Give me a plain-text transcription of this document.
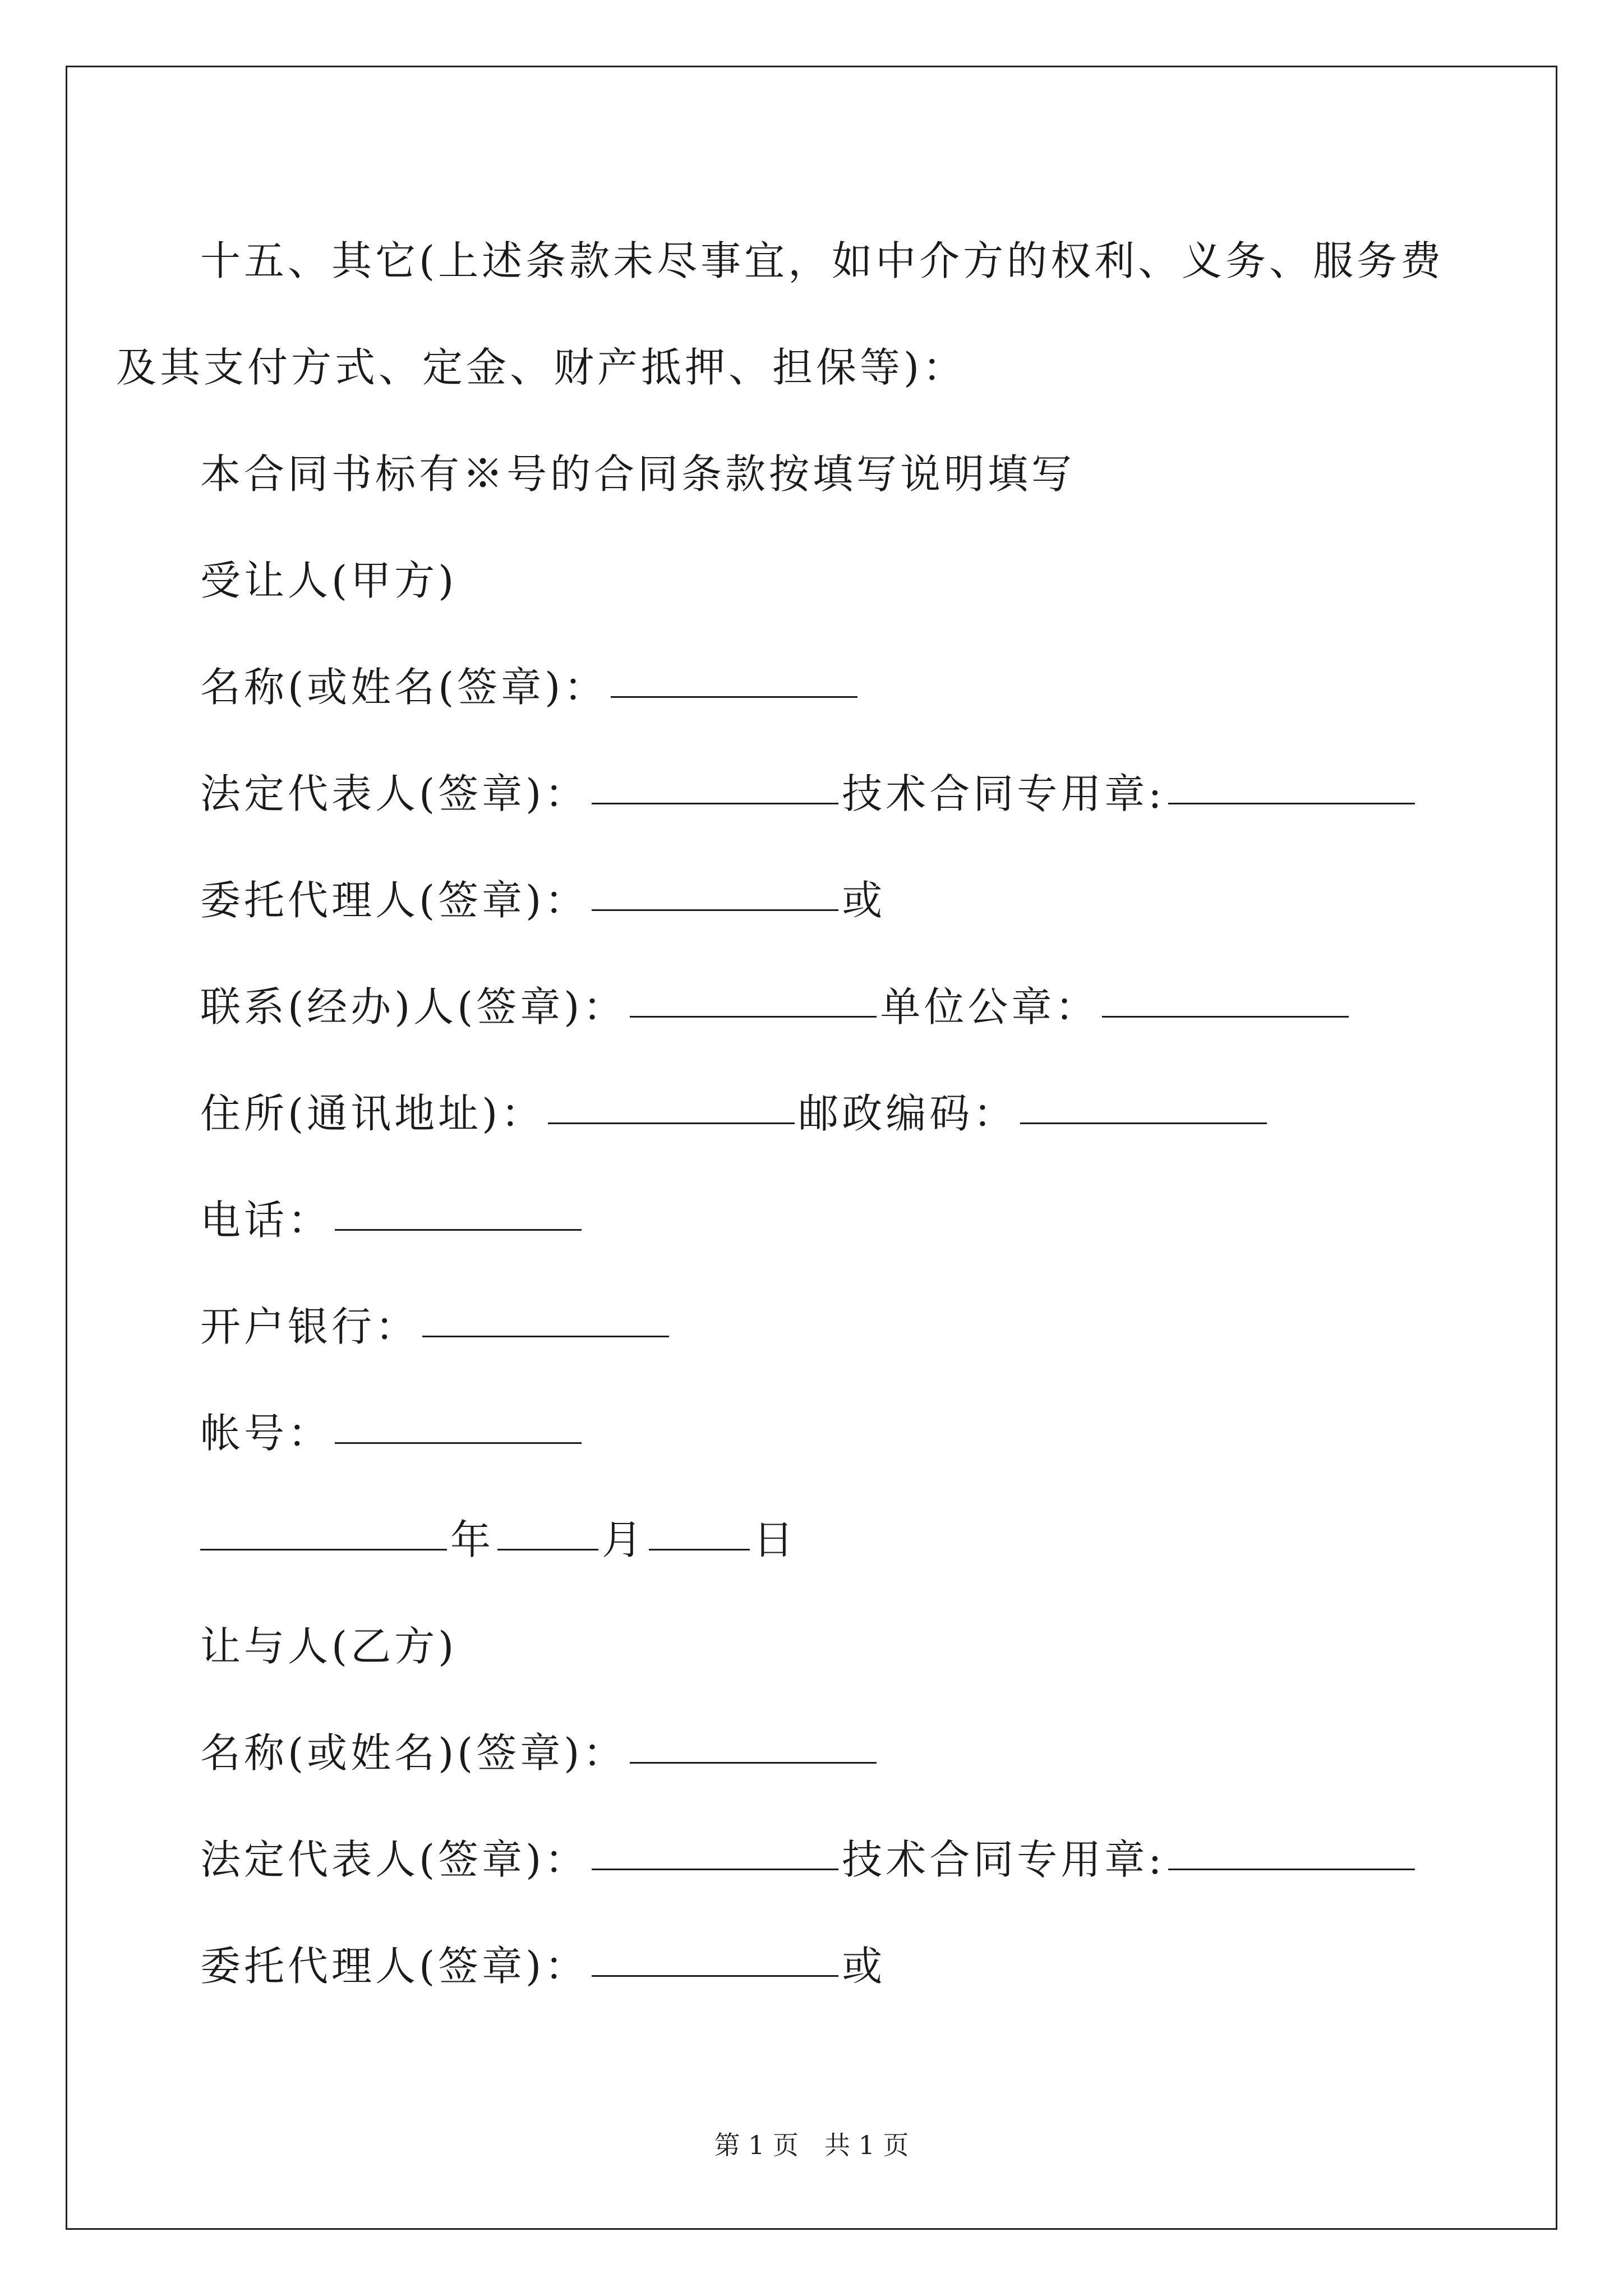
十五、其它(上述条款未尽事宜，如中介方的权利、义务、服务费
及其支付方式、定金、财产抵押、担保等)：
本合同书标有※号的合同条款按填写说明填写
受让人(甲方)
名称(或姓名(签章)：
法定代表人(签章)：	技术合同专用章:
委托代理人(签章)：	或
联系(经办)人(签章)：	单位公章：
住所(通讯地址)：	邮政编码：
电话：
开户银行：
帐号：
年	月	日
让与人(乙方)
名称(或姓名)(签章)：
法定代表人(签章)：	技术合同专用章:
委托代理人(签章)：	或
第 1 页　共 1 页
